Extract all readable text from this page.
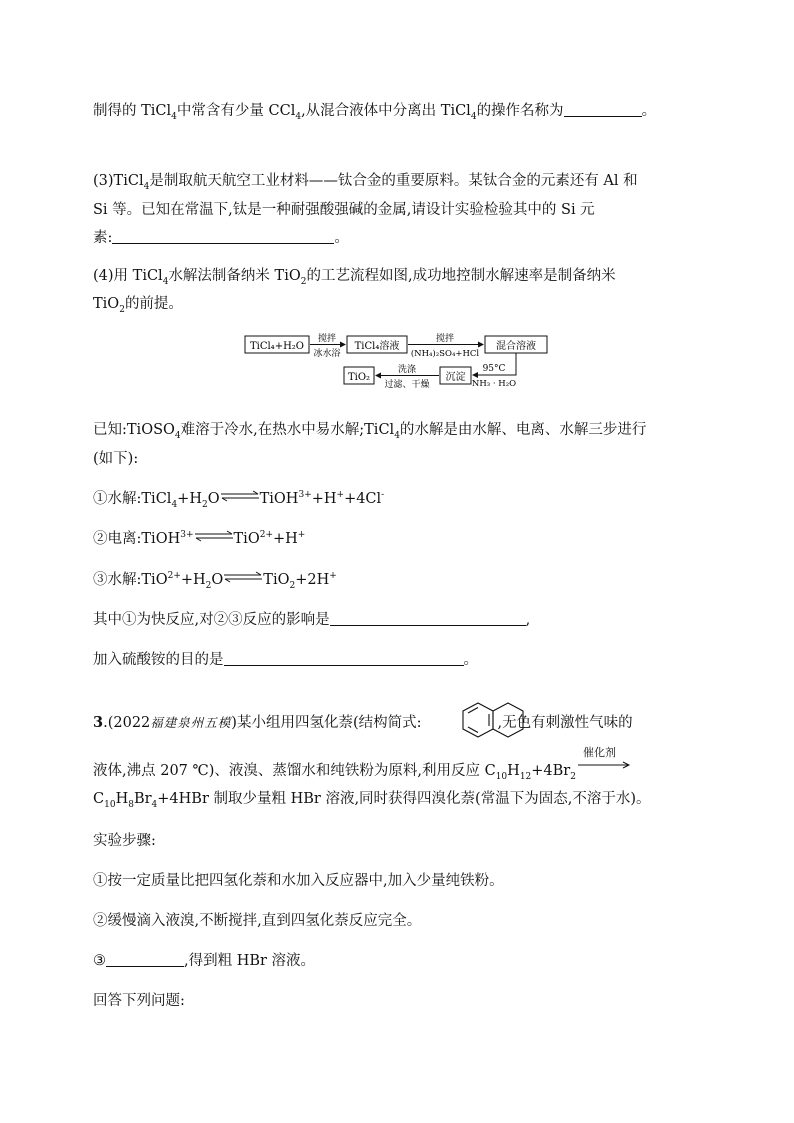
制得的 TiCl$_4$中常含有少量 CCl$_4$,从混合液体中分离出 TiCl$_4$的操作名称为	。
(3)TiCl$_4$是制取航天航空工业材料——钛合金的重要原料。某钛合金的元素还有 Al 和
Si 等。已知在常温下,钛是一种耐强酸强碱的金属,请设计实验检验其中的 Si 元
素:	。
(4)用 TiCl$_4$水解法制备纳米 TiO$_2$的工艺流程如图,成功地控制水解速率是制备纳米
TiO$_2$的前提。
TiCl₄+H₂O
搅拌
冰水浴
TiCl₄溶液
搅拌
(NH₄)₂SO₄+HCl
混合溶液
95°C
NH₃ · H₂O
沉淀
洗涤
过滤、干燥
TiO₂
已知:TiOSO$_4$难溶于冷水,在热水中易水解;TiCl$_4$的水解是由水解、电离、水解三步进行
(如下):
①水解$:TiCl_4+H_2O\rightleftharpoons TiOH^{3+}+H^++4Cl^-$
②电离:TiOH$^{3+}$⇌TiO$^{2+}$+H+
③水解$:TiO^{2+}+H_2O\rightleftharpoons TiO_2+2H^+$
其中①为快反应,对②③反应的影响是	,
加入硫酸铵的目的是	。
3.(2022福建泉州五模)某小组用四氢化萘(结构简式:	,无色有刺激性气味的
液体,沸点 207 ℃)、液溴、蒸馏水和纯铁粉为原料,利用反应 $C_{10}H_{12}+4Br_2$
催化剂
$C_{10}H_8Br_4+4HBr$ 制取少量粗 HBr 溶液,同时获得四溴化萘(常温下为固态,不溶于水)。
实验步骤:
①按一定质量比把四氢化萘和水加入反应器中,加入少量纯铁粉。
②缓慢滴入液溴,不断搅拌,直到四氢化萘反应完全。
③	,得到粗 HBr 溶液。
回答下列问题:
